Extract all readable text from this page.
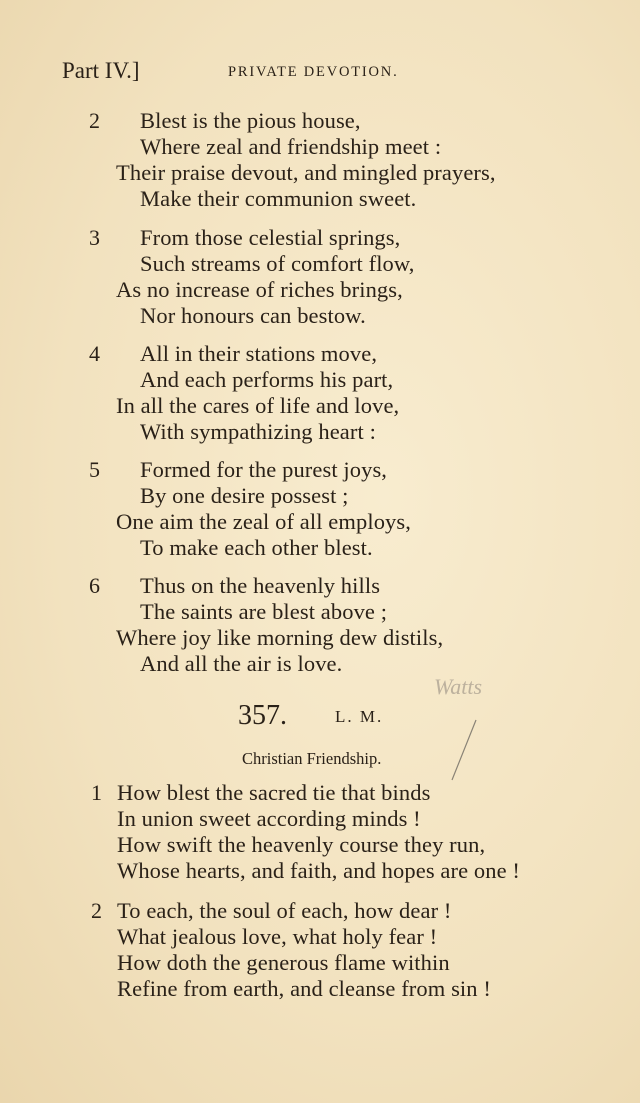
Part IV.]	PRIVATE DEVOTION.
2 Blest is the pious house,
Where zeal and friendship meet :
Their praise devout, and mingled prayers,
Make their communion sweet.
3 From those celestial springs,
Such streams of comfort flow,
As no increase of riches brings,
Nor honours can bestow.
4 All in their stations move,
And each performs his part,
In all the cares of life and love,
With sympathizing heart :
5 Formed for the purest joys,
By one desire possest ;
One aim the zeal of all employs,
To make each other blest.
6 Thus on the heavenly hills
The saints are blest above ;
Where joy like morning dew distils,
And all the air is love.
357.	L. M.
Christian Friendship.
Watts
1 How blest the sacred tie that binds
In union sweet according minds !
How swift the heavenly course they run,
Whose hearts, and faith, and hopes are one !
2 To each, the soul of each, how dear !
What jealous love, what holy fear !
How doth the generous flame within
Refine from earth, and cleanse from sin !
